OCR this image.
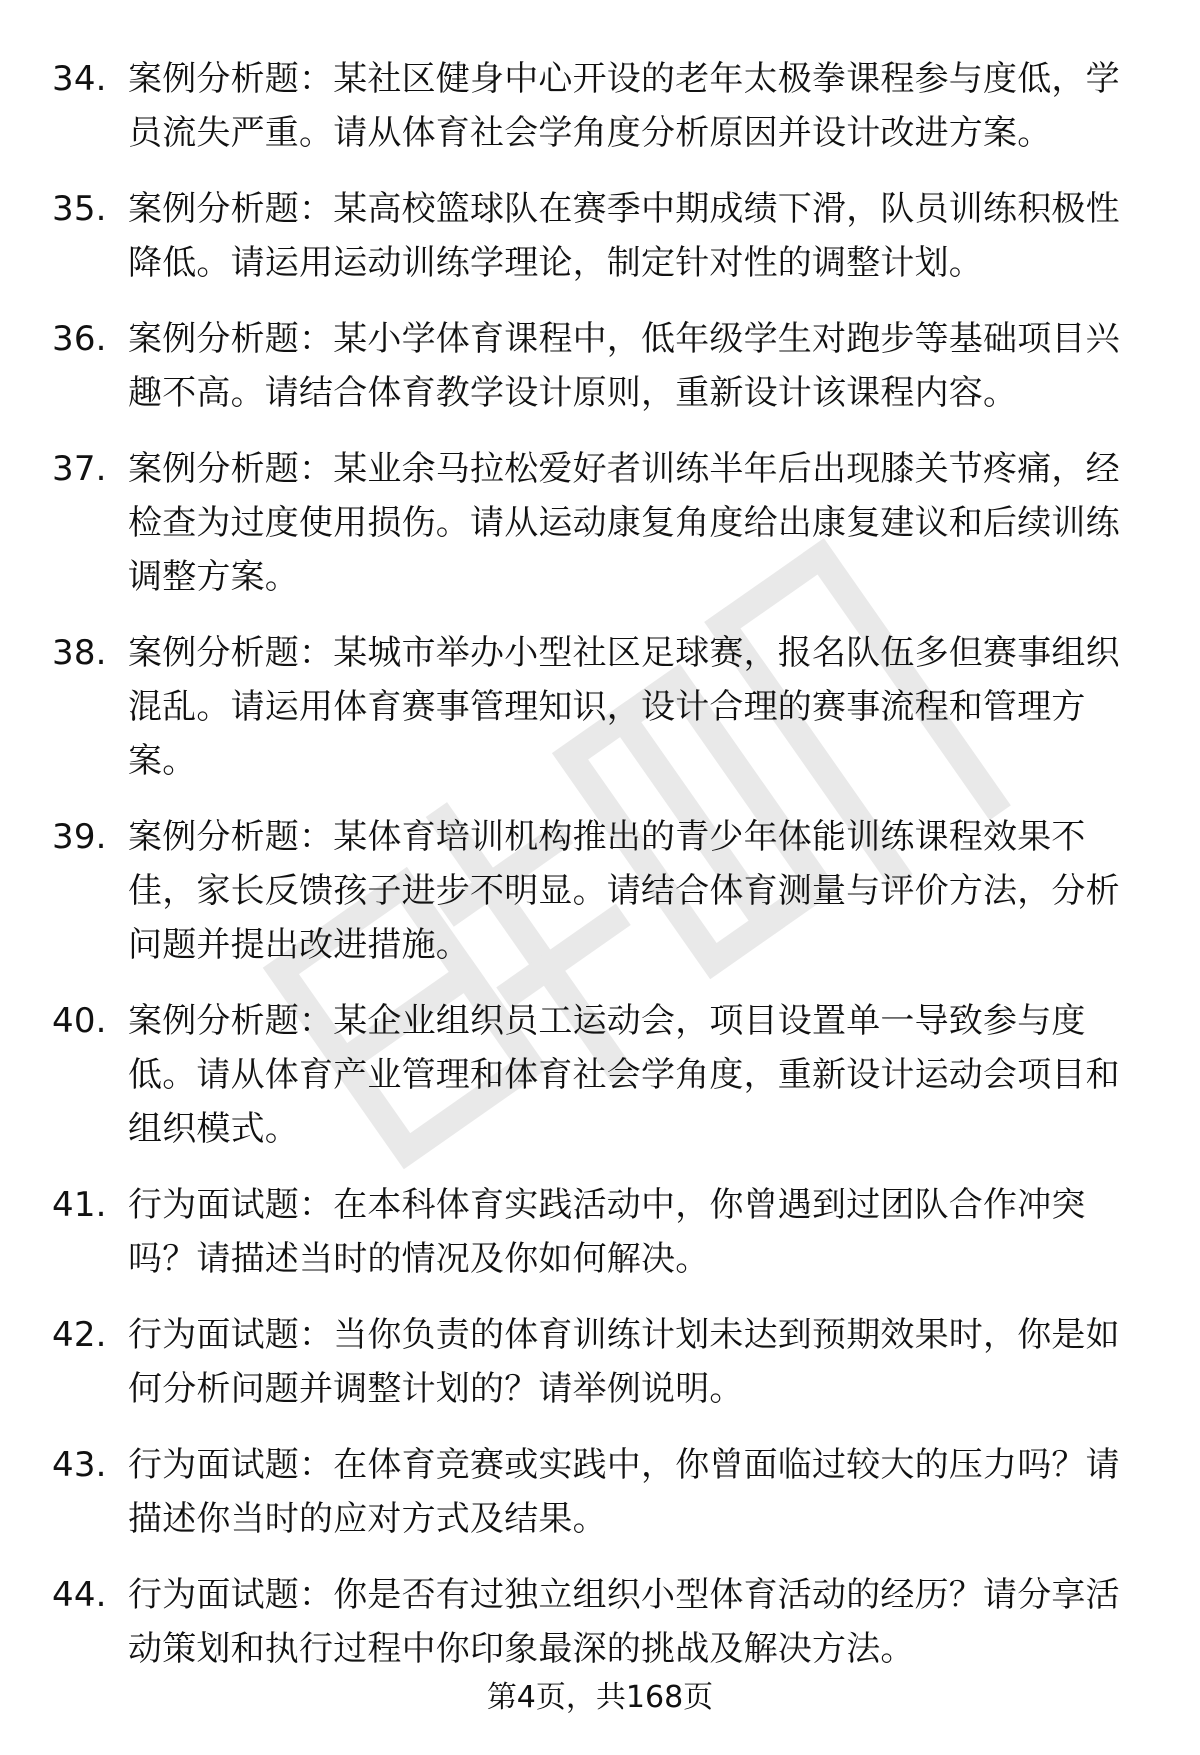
34. 案例分析题：某社区健身中心开设的老年太极拳课程参与度低，学员流失严重。请从体育社会学角度分析原因并设计改进方案。
35. 案例分析题：某高校篮球队在赛季中期成绩下滑，队员训练积极性降低。请运用运动训练学理论，制定针对性的调整计划。
36. 案例分析题：某小学体育课程中，低年级学生对跑步等基础项目兴趣不高。请结合体育教学设计原则，重新设计该课程内容。
37. 案例分析题：某业余马拉松爱好者训练半年后出现膝关节疼痛，经检查为过度使用损伤。请从运动康复角度给出康复建议和后续训练调整方案。
38. 案例分析题：某城市举办小型社区足球赛，报名队伍多但赛事组织混乱。请运用体育赛事管理知识，设计合理的赛事流程和管理方案。
39. 案例分析题：某体育培训机构推出的青少年体能训练课程效果不佳，家长反馈孩子进步不明显。请结合体育测量与评价方法，分析问题并提出改进措施。
40. 案例分析题：某企业组织员工运动会，项目设置单一导致参与度低。请从体育产业管理和体育社会学角度，重新设计运动会项目和组织模式。
41. 行为面试题：在本科体育实践活动中，你曾遇到过团队合作冲突吗？请描述当时的情况及你如何解决。
42. 行为面试题：当你负责的体育训练计划未达到预期效果时，你是如何分析问题并调整计划的？请举例说明。
43. 行为面试题：在体育竞赛或实践中，你曾面临过较大的压力吗？请描述你当时的应对方式及结果。
44. 行为面试题：你是否有过独立组织小型体育活动的经历？请分享活动策划和执行过程中你印象最深的挑战及解决方法。
第4页，共168页
